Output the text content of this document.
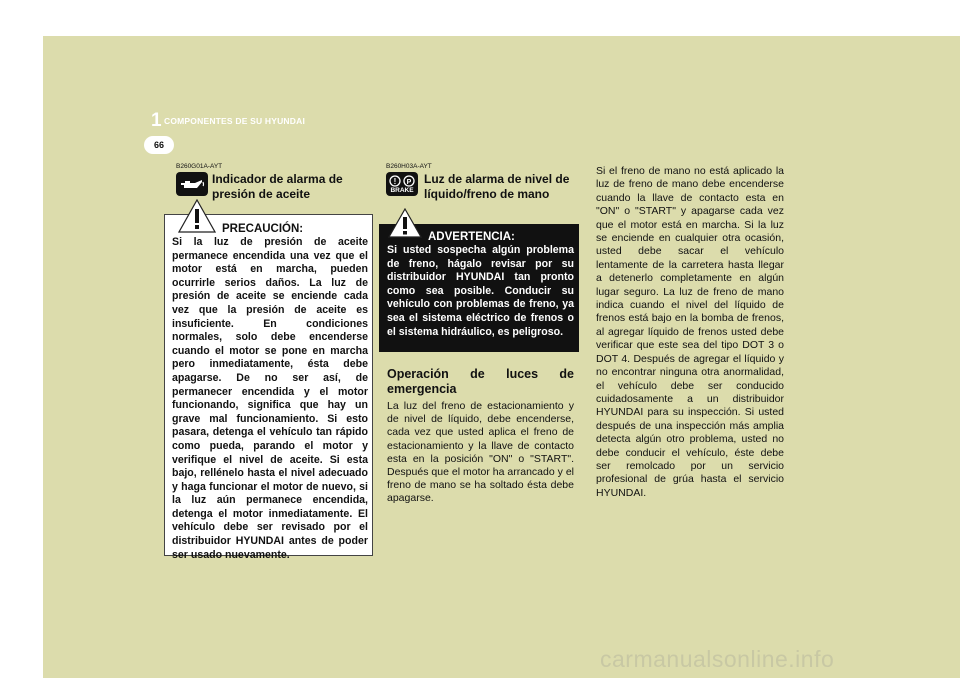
1 COMPONENTES DE SU HYUNDAI
66
B260G01A-AYT
Indicador de alarma de
presión de aceite
PRECAUCIÓN:

Si la luz de presión de aceite permanece encendida una vez que el motor está en marcha, pueden ocurrirle serios daños. La luz de presión de aceite se enciende cada vez que la presión de aceite es insuficiente. En condiciones normales, solo debe encenderse cuando el motor se pone en marcha pero inmediatamente, ésta debe apagarse. De no ser así, de permanecer encendida y el motor funcionando, significa que hay un grave mal funcionamiento. Si esto pasara, detenga el vehículo tan rápido como pueda, parando el motor y verifique el nivel de aceite. Si esta bajo, rellénelo hasta el nivel adecuado y haga funcionar el motor de nuevo, si la luz aún permanece encendida, detenga el motor inmediatamente. El vehículo debe ser revisado por el distribuidor HYUNDAI antes de poder ser usado nuevamente.

B260H03A-AYT
! P
BRAKE
Luz de alarma de nivel de
líquido/freno de mano
ADVERTENCIA:

Si usted sospecha algún problema de freno, hágalo revisar por su distribuidor HYUNDAI tan pronto como sea posible. Conducir su vehículo con problemas de freno, ya sea el sistema eléctrico de frenos o el sistema hidráulico, es peligroso.

Operación de luces de emergencia

La luz del freno de estacionamiento y de nivel de líquido, debe encenderse, cada vez que usted aplica el freno de estacionamiento y la llave de contacto esta en la posición "ON" o "START". Después que el motor ha arrancado y el freno de mano se ha soltado ésta debe apagarse.

Si el freno de mano no está aplicado la luz de freno de mano debe encenderse cuando la llave de contacto esta en "ON" o "START" y apagarse cada vez que el motor está en marcha. Si la luz se enciende en cualquier otra ocasión, usted debe sacar el vehículo lentamente de la carretera hasta llegar a detenerlo completamente en algún lugar seguro. La luz de freno de mano indica cuando el nivel del líquido de frenos está bajo en la bomba de frenos, al agregar líquido de frenos usted debe verificar que este sea del tipo DOT 3 o DOT 4. Después de agregar el líquido y no encontrar ninguna otra anormalidad, el vehículo debe ser conducido cuidadosamente a un distribuidor HYUNDAI para su inspección. Si usted después de una inspección más amplia detecta algún otro problema, usted no debe conducir el vehículo, éste debe ser remolcado por un servicio profesional de grúa hasta el servicio HYUNDAI.

carmanualsonline.info
